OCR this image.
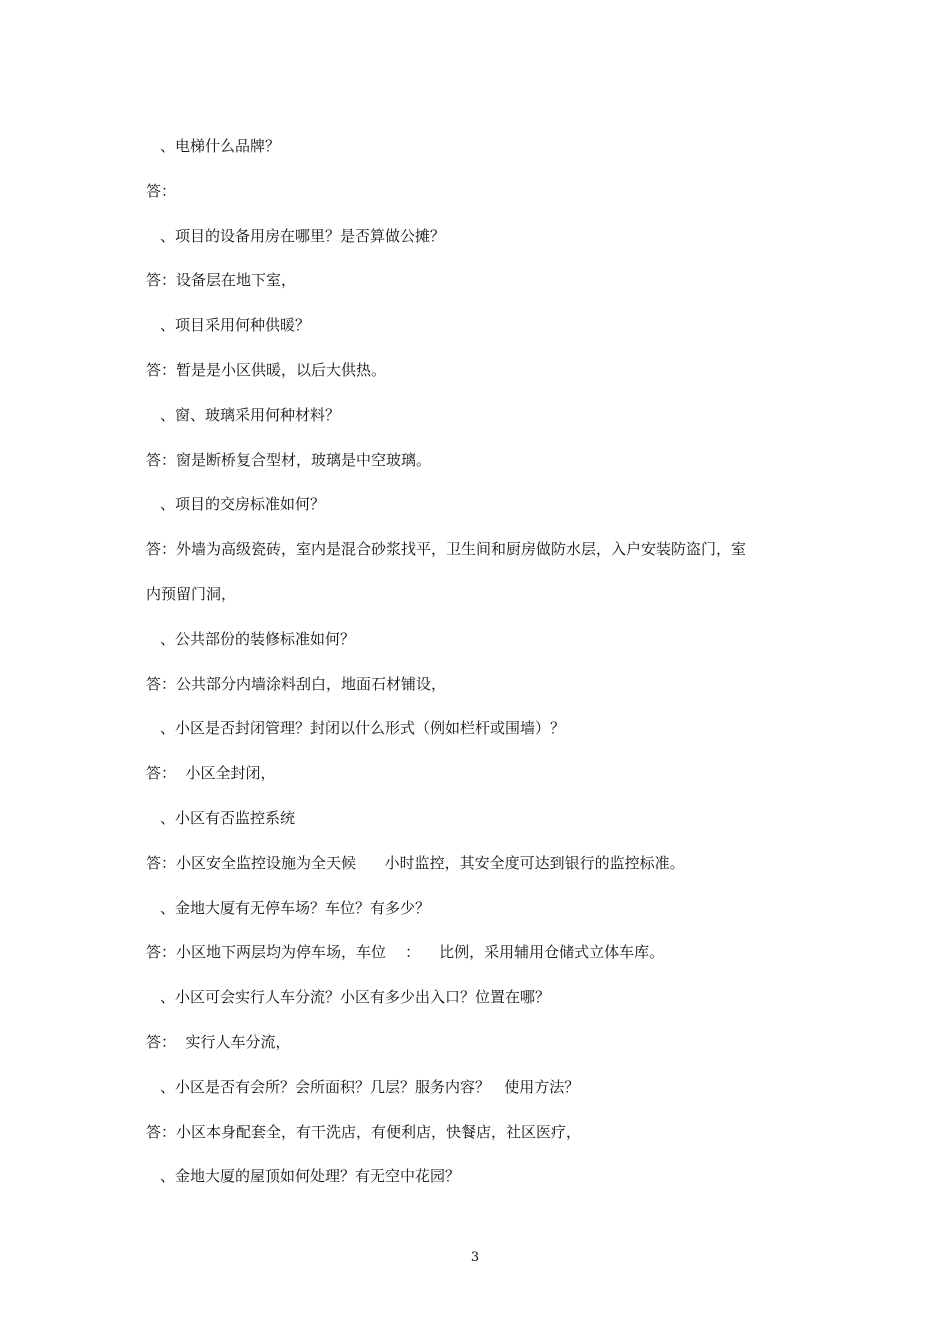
、电梯什么品牌？
答：
、项目的设备用房在哪里？是否算做公摊？
答：设备层在地下室，
、项目采用何种供暖？
答：暂是是小区供暖，以后大供热。
、窗、玻璃采用何种材料？
答：窗是断桥复合型材，玻璃是中空玻璃。
、项目的交房标准如何？
答：外墙为高级瓷砖，室内是混合砂浆找平，卫生间和厨房做防水层，入户安装防盗门，室
内预留门洞，
、公共部份的装修标准如何？
答：公共部分内墙涂料刮白，地面石材铺设，
、小区是否封闭管理？封闭以什么形式（例如栏杆或围墙）？
答：  小区全封闭，
、小区有否监控系统
答：小区安全监控设施为全天候      小时监控，其安全度可达到银行的监控标准。
、金地大厦有无停车场？车位？有多少？
答：小区地下两层均为停车场，车位    ：    比例，采用辅用仓储式立体车库。
、小区可会实行人车分流？小区有多少出入口？位置在哪？
答：  实行人车分流，
、小区是否有会所？会所面积？几层？服务内容？   使用方法？
答：小区本身配套全，有干洗店，有便利店，快餐店，社区医疗，
、金地大厦的屋顶如何处理？有无空中花园？
3
